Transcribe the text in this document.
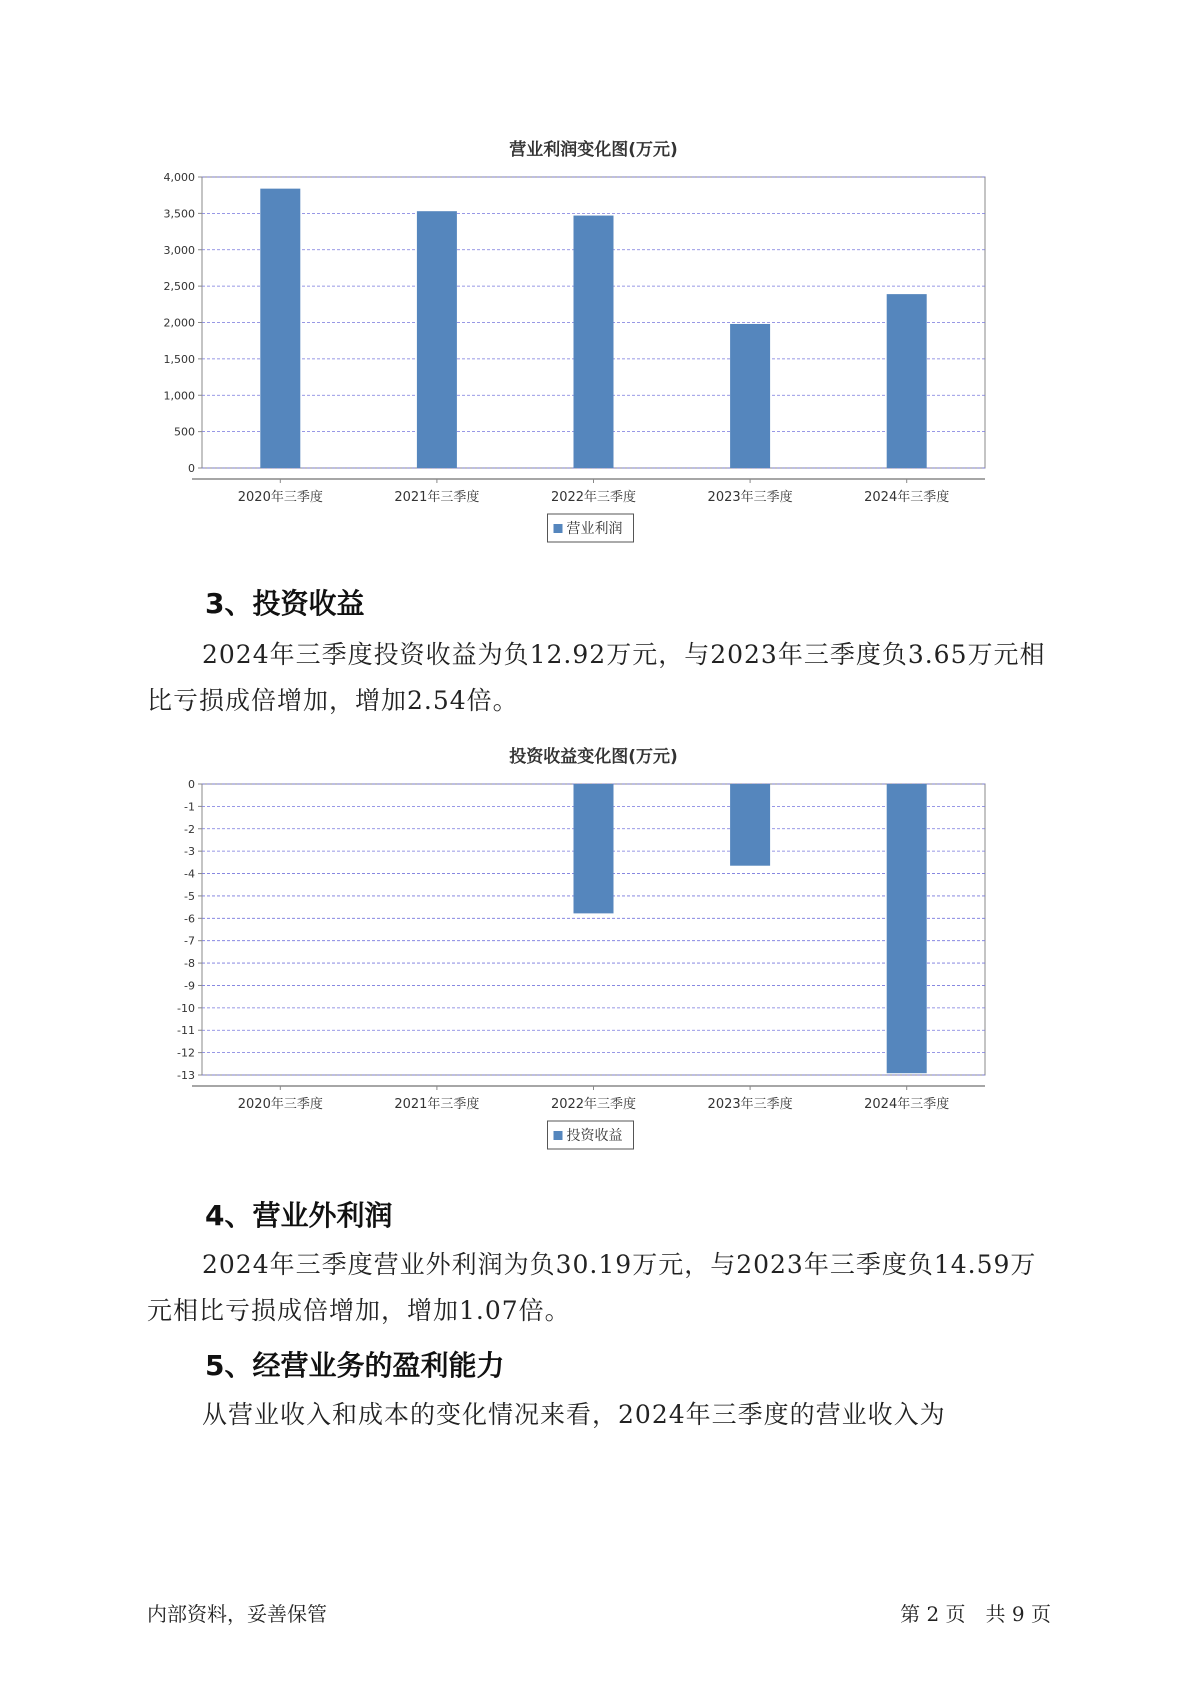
营业利润变化图(万元)
0
500
1,000
1,500
2,000
2,500
3,000
3,500
4,000
2020年三季度	2021年三季度	2022年三季度	2023年三季度	2024年三季度
营业利润
3、投资收益

2024年三季度投资收益为负12.92万元，与2023年三季度负3.65万元相比亏损成倍增加，增加2.54倍。

投资收益变化图(万元)
0
-1
-2
-3
-4
-5
-6
-7
-8
-9
-10
-11
-12
-13
2020年三季度	2021年三季度	2022年三季度	2023年三季度	2024年三季度
投资收益
4、营业外利润

2024年三季度营业外利润为负30.19万元，与2023年三季度负14.59万元相比亏损成倍增加，增加1.07倍。

5、经营业务的盈利能力

从营业收入和成本的变化情况来看，2024年三季度的营业收入为

内部资料，妥善保管	第 2 页　共 9 页
